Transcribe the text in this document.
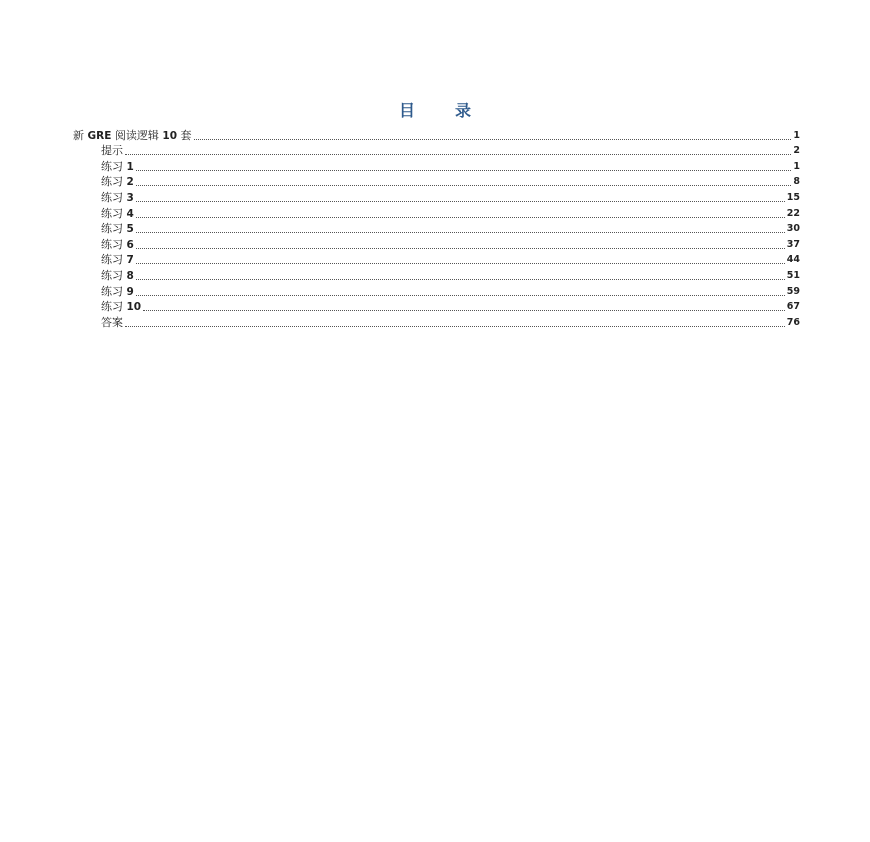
目录
新 GRE 阅读逻辑 10 套	1
提示	2
练习 1	1
练习 2	8
练习 3	15
练习 4	22
练习 5	30
练习 6	37
练习 7	44
练习 8	51
练习 9	59
练习 10	67
答案	76
